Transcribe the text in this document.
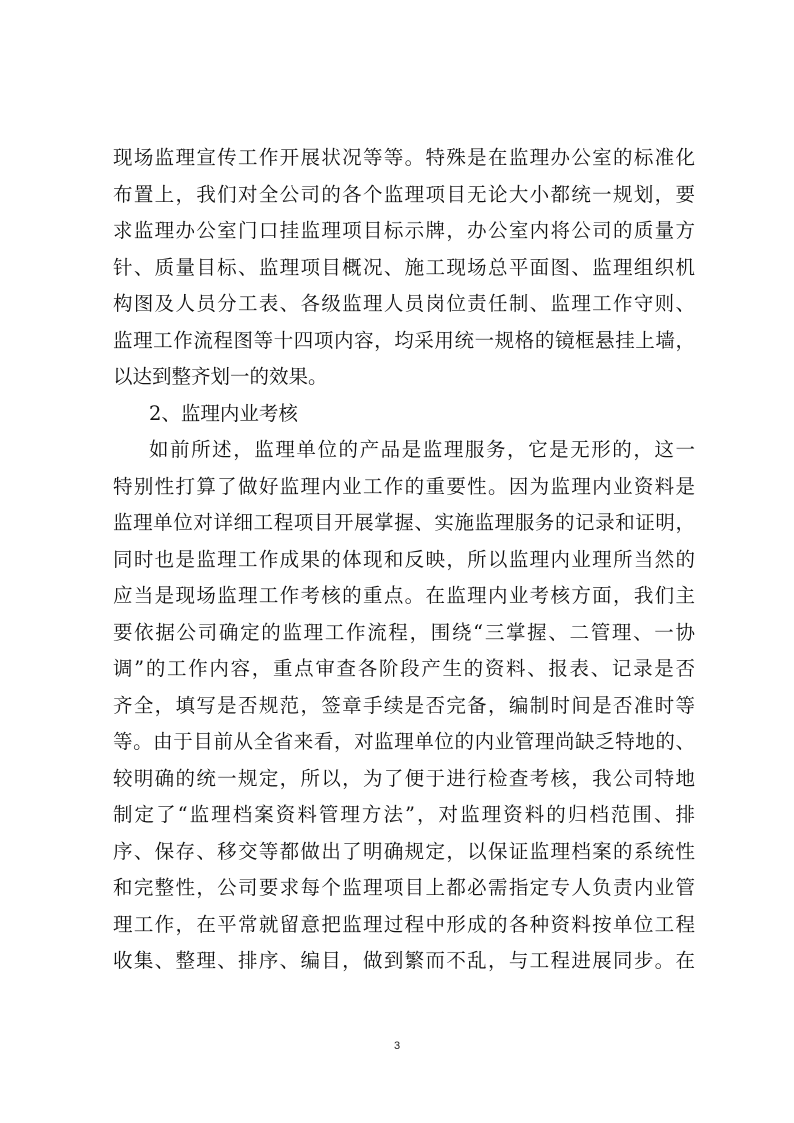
现场监理宣传工作开展状况等等。特殊是在监理办公室的标准化
布置上，我们对全公司的各个监理项目无论大小都统一规划，要
求监理办公室门口挂监理项目标示牌，办公室内将公司的质量方
针、质量目标、监理项目概况、施工现场总平面图、监理组织机
构图及人员分工表、各级监理人员岗位责任制、监理工作守则、
监理工作流程图等十四项内容，均采用统一规格的镜框悬挂上墙，
以达到整齐划一的效果。
2、监理内业考核
如前所述，监理单位的产品是监理服务，它是无形的，这一
特别性打算了做好监理内业工作的重要性。因为监理内业资料是
监理单位对详细工程项目开展掌握、实施监理服务的记录和证明，
同时也是监理工作成果的体现和反映，所以监理内业理所当然的
应当是现场监理工作考核的重点。在监理内业考核方面，我们主
要依据公司确定的监理工作流程，围绕“三掌握、二管理、一协
调”的工作内容，重点审查各阶段产生的资料、报表、记录是否
齐全，填写是否规范，签章手续是否完备，编制时间是否准时等
等。由于目前从全省来看，对监理单位的内业管理尚缺乏特地的、
较明确的统一规定，所以，为了便于进行检查考核，我公司特地
制定了“监理档案资料管理方法”，对监理资料的归档范围、排
序、保存、移交等都做出了明确规定，以保证监理档案的系统性
和完整性，公司要求每个监理项目上都必需指定专人负责内业管
理工作，在平常就留意把监理过程中形成的各种资料按单位工程
收集、整理、排序、编目，做到繁而不乱，与工程进展同步。在
3
